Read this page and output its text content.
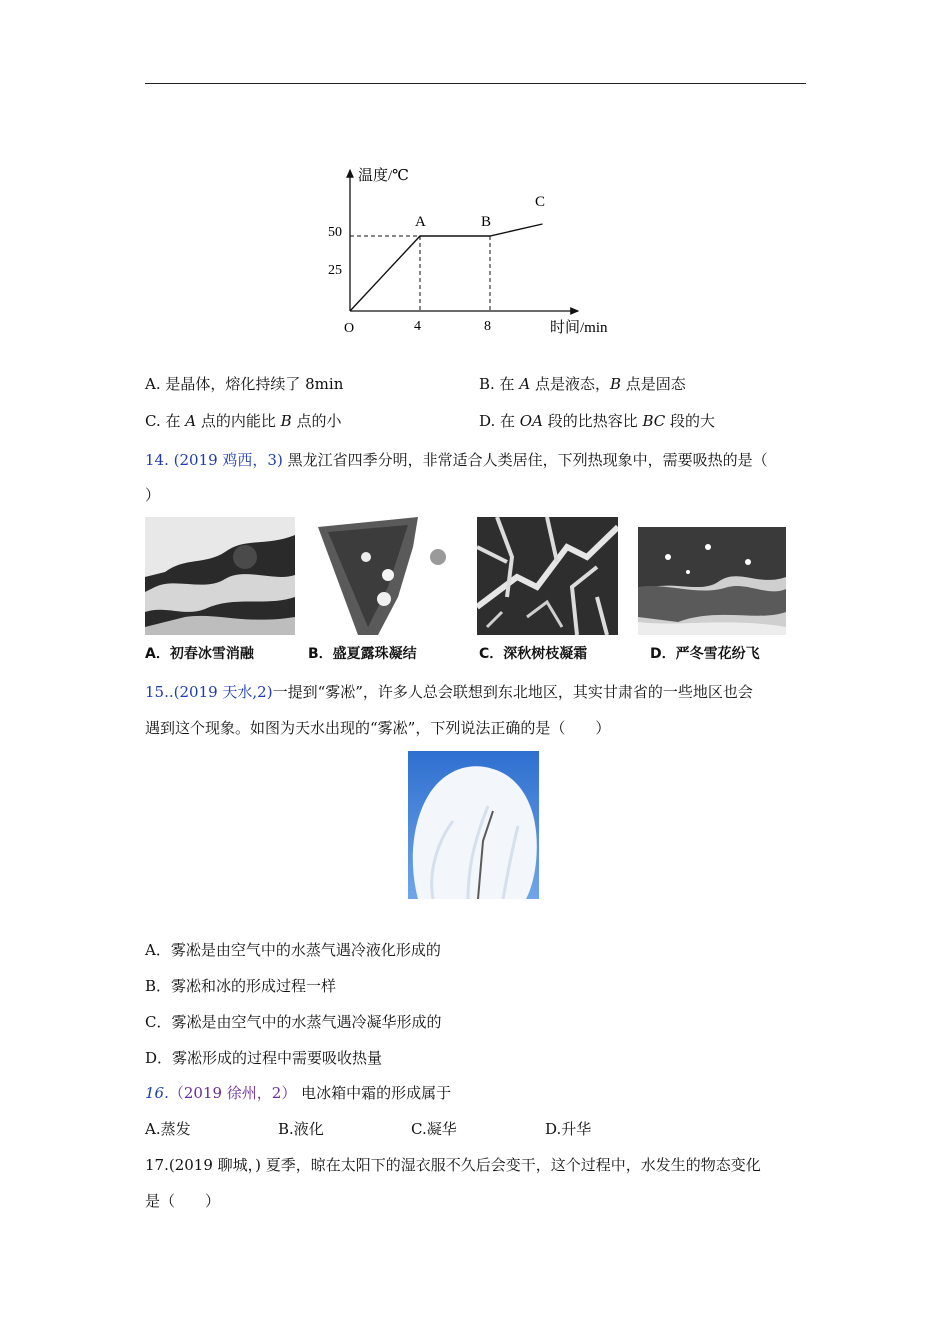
温度/℃
时间/min
O
50
25
4	8
A	B
C
A. 是晶体，熔化持续了 8min	B. 在 A 点是液态，B 点是固态
C. 在 A 点的内能比 B 点的小	D. 在 OA 段的比热容比 BC 段的大
14. (2019 鸡西，3) 黑龙江省四季分明，非常适合人类居住，下列热现象中，需要吸热的是（
）
A．初春冰雪消融	B．盛夏露珠凝结	C．深秋树枝凝霜	D．严冬雪花纷飞
15..(2019 天水,2)一提到“雾凇”，许多人总会联想到东北地区，其实甘肃省的一些地区也会
遇到这个现象。如图为天水出现的“雾凇”，下列说法正确的是（　　）
A．雾凇是由空气中的水蒸气遇冷液化形成的
B．雾凇和冰的形成过程一样
C．雾凇是由空气中的水蒸气遇冷凝华形成的
D．雾凇形成的过程中需要吸收热量
16.（2019 徐州，2） 电冰箱中霜的形成属于
A.蒸发	B.液化	C.凝华	D.升华
17.(2019 聊城，) 夏季，晾在太阳下的湿衣服不久后会变干，这个过程中，水发生的物态变化
是（　　）
